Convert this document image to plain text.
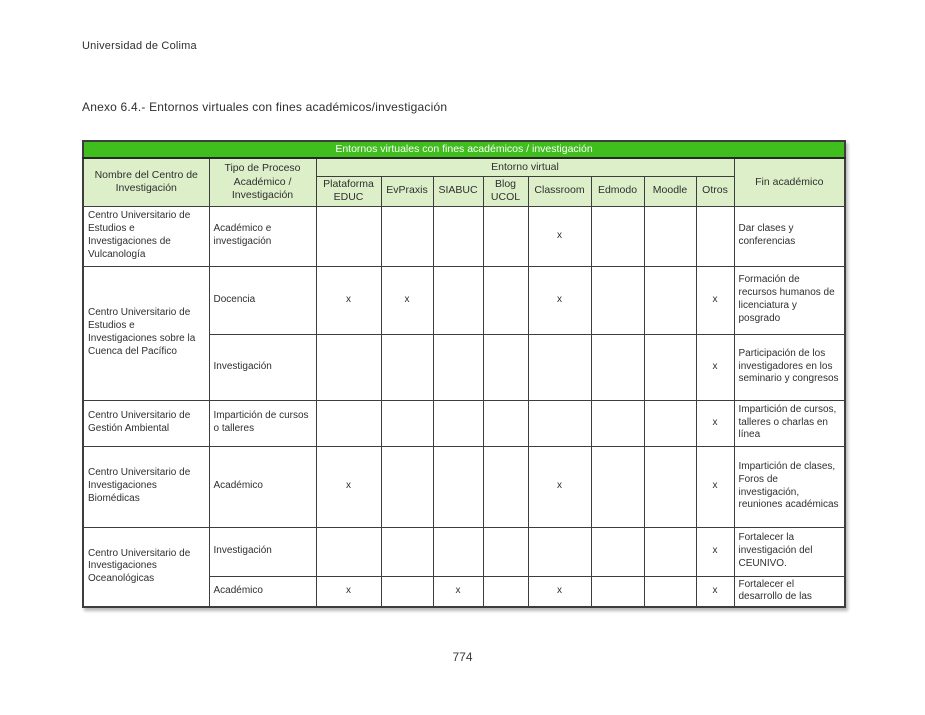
Universidad de Colima
Anexo 6.4.- Entornos virtuales con fines académicos/investigación
Entornos virtuales con fines académicos / investigación										
Nombre del Centro de Investigación	Tipo de Proceso Académico / Investigación	Entorno virtual								Fin académico
		Plataforma EDUC	EvPraxis	SIABUC	Blog UCOL	Classroom	Edmodo	Moodle	Otros	
Centro Universitario de Estudios e Investigaciones de Vulcanología	Académico e investigación					x				Dar clases y conferencias
Centro Universitario de Estudios e Investigaciones sobre la Cuenca del Pacífico	Docencia	x	x			x			x	Formación de recursos humanos de licenciatura y posgrado
	Investigación								x	Participación de los investigadores en los seminario y congresos
Centro Universitario de Gestión Ambiental	Impartición de cursos o talleres								x	Impartición de cursos, talleres o charlas en línea
Centro Universitario de Investigaciones Biomédicas	Académico	x				x			x	Impartición de clases, Foros de investigación, reuniones académicas
Centro Universitario de Investigaciones Oceanológicas	Investigación								x	Fortalecer la investigación del CEUNIVO.
	Académico	x		x		x			x	Fortalecer el desarrollo de las
774
